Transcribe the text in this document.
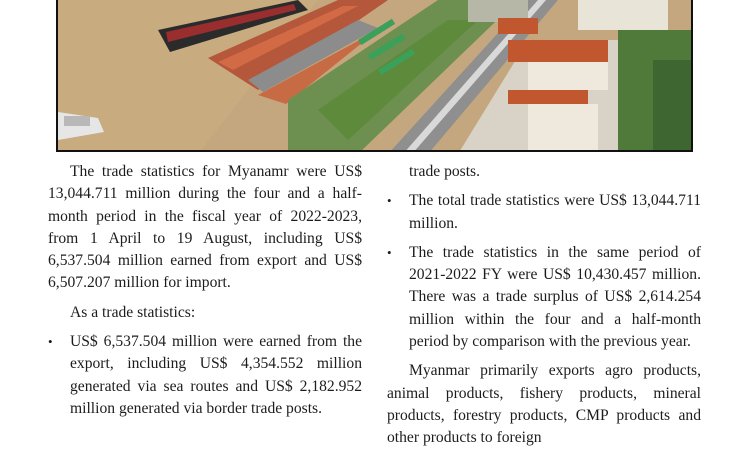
The trade statistics for Myanamr were US$ 13,044.711 million during the four and a half-month period in the fiscal year of 2022-2023, from 1 April to 19 August, including US$ 6,537.504 million earned from export and US$ 6,507.207 million for import.

As a trade statistics:

•	US$ 6,537.504 million were earned from the export, including US$ 4,354.552 million generated via sea routes and US$ 2,182.952 million generated via border trade posts.

trade posts.

•	The total trade statistics were US$ 13,044.711 million.
•	The trade statistics in the same period of 2021-2022 FY were US$ 10,430.457 million. There was a trade surplus of US$ 2,614.254 million within the four and a half-month period by comparison with the previous year.

Myanmar primarily exports agro products, animal products, fishery products, mineral products, forestry products, CMP products and other products to foreign
